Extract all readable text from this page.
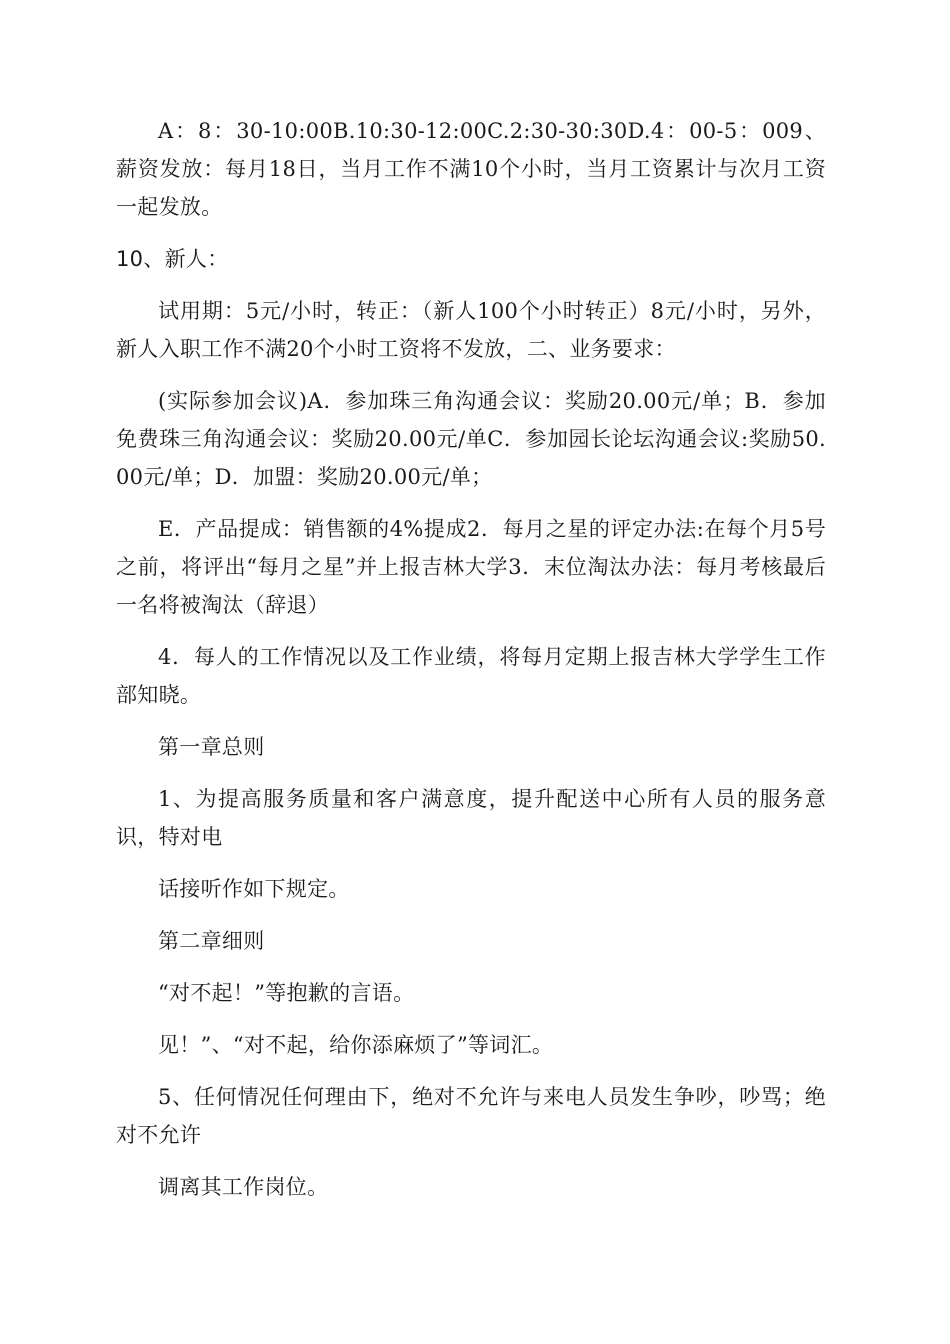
A：8：30-10:00B.10:30-12:00C.2:30-30:30D.4：00-5：009、薪资发放：每月18日，当月工作不满10个小时，当月工资累计与次月工资一起发放。

10、新人：

试用期：5元/小时，转正：（新人100个小时转正）8元/小时，另外，新人入职工作不满20个小时工资将不发放，二、业务要求：

(实际参加会议)A．参加珠三角沟通会议：奖励20.00元/单；B．参加免费珠三角沟通会议：奖励20.00元/单C．参加园长论坛沟通会议:奖励50.00元/单；D．加盟：奖励20.00元/单；

E．产品提成：销售额的4%提成2．每月之星的评定办法:在每个月5号之前，将评出“每月之星”并上报吉林大学3．末位淘汰办法：每月考核最后一名将被淘汰（辞退）

4．每人的工作情况以及工作业绩，将每月定期上报吉林大学学生工作部知晓。

第一章总则

1、为提高服务质量和客户满意度，提升配送中心所有人员的服务意识，特对电

话接听作如下规定。

第二章细则

“对不起！”等抱歉的言语。

见！”、“对不起，给你添麻烦了”等词汇。

5、任何情况任何理由下，绝对不允许与来电人员发生争吵，吵骂；绝对不允许

调离其工作岗位。
